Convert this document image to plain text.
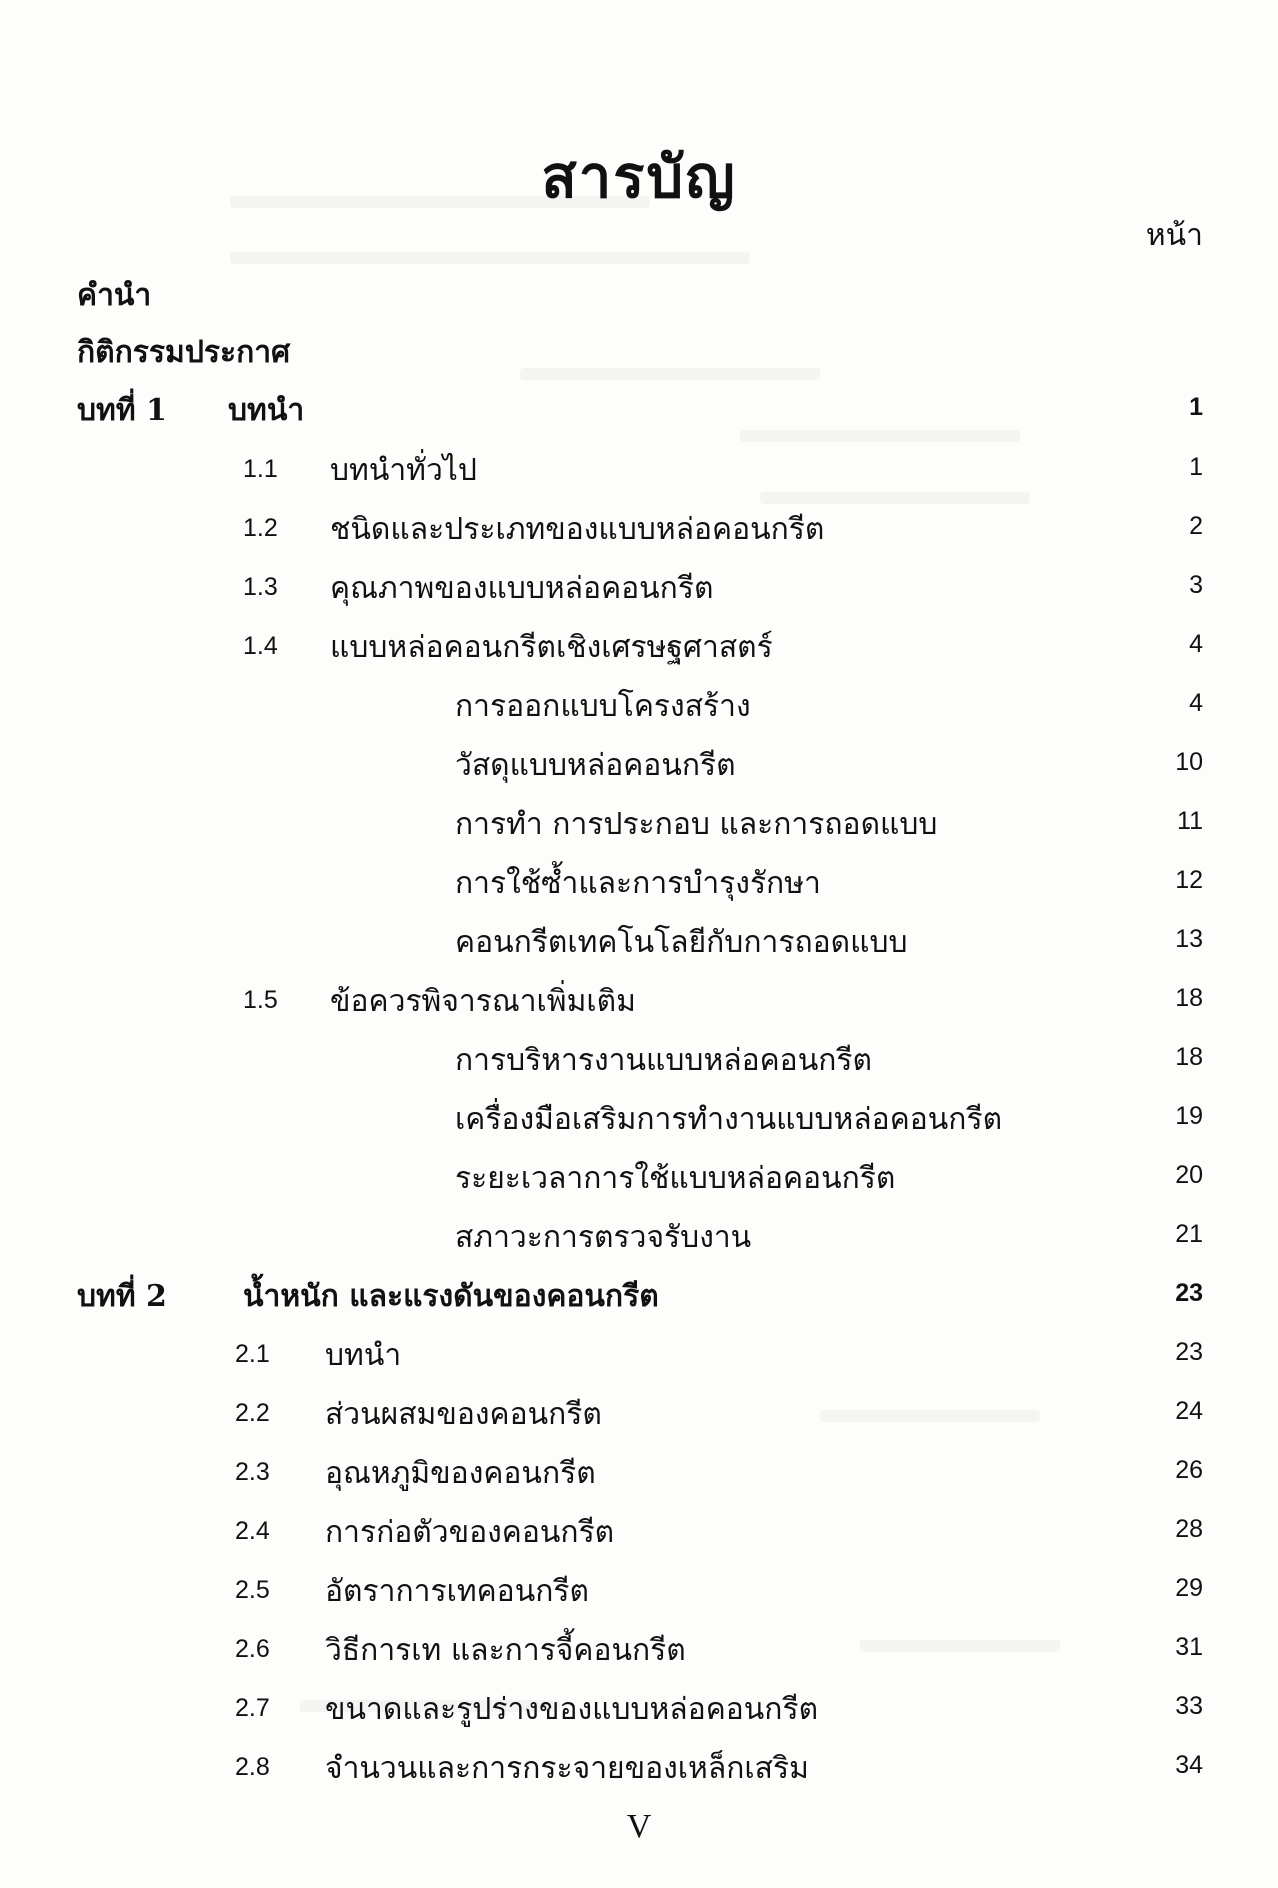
สารบัญ
หน้า
คำนำ
กิติกรรมประกาศ
บทที่ 1 บทนำ	1
1.1 บทนำทั่วไป	1
1.2 ชนิดและประเภทของแบบหล่อคอนกรีต	2
1.3 คุณภาพของแบบหล่อคอนกรีต	3
1.4 แบบหล่อคอนกรีตเชิงเศรษฐศาสตร์	4
การออกแบบโครงสร้าง	4
วัสดุแบบหล่อคอนกรีต	10
การทำ การประกอบ และการถอดแบบ	11
การใช้ซ้ำและการบำรุงรักษา	12
คอนกรีตเทคโนโลยีกับการถอดแบบ	13
1.5 ข้อควรพิจารณาเพิ่มเติม	18
การบริหารงานแบบหล่อคอนกรีต	18
เครื่องมือเสริมการทำงานแบบหล่อคอนกรีต	19
ระยะเวลาการใช้แบบหล่อคอนกรีต	20
สภาวะการตรวจรับงาน	21
บทที่ 2	น้ำหนัก และแรงดันของคอนกรีต	23
2.1 บทนำ	23
2.2 ส่วนผสมของคอนกรีต	24
2.3 อุณหภูมิของคอนกรีต	26
2.4 การก่อตัวของคอนกรีต	28
2.5 อัตราการเทคอนกรีต	29
2.6 วิธีการเท และการจี้คอนกรีต	31
2.7 ขนาดและรูปร่างของแบบหล่อคอนกรีต	33
2.8 จำนวนและการกระจายของเหล็กเสริม	34
V
